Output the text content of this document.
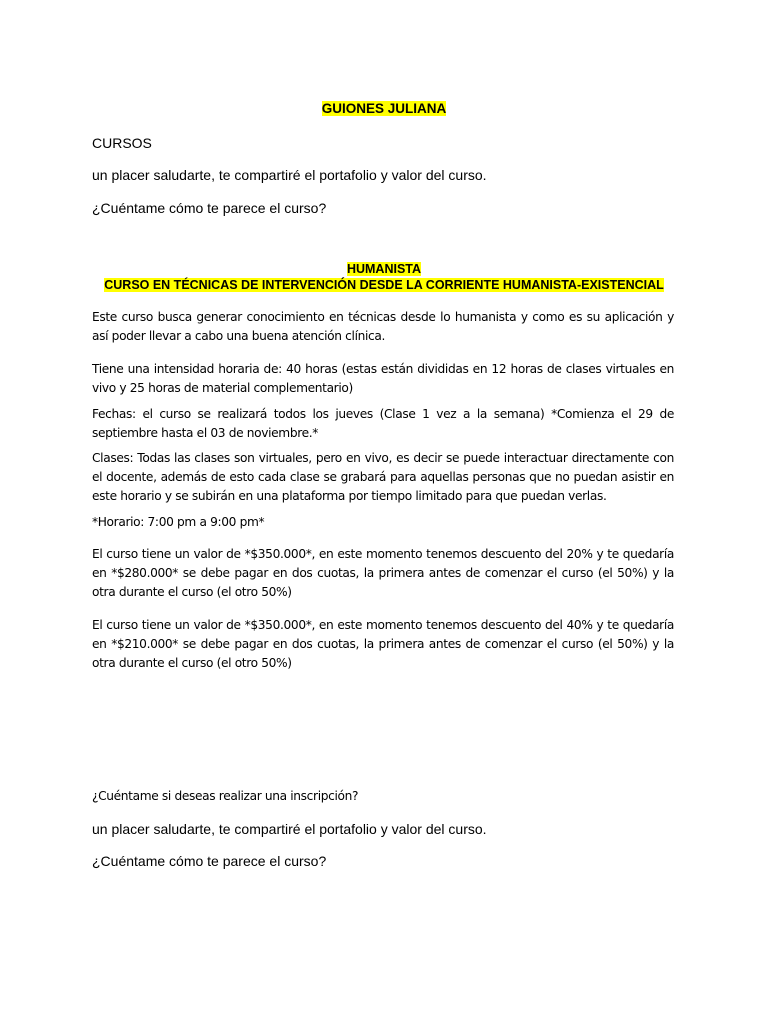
GUIONES JULIANA
CURSOS
un placer saludarte, te compartiré el portafolio y valor del curso.
¿Cuéntame cómo te parece el curso?
HUMANISTA
CURSO EN TÉCNICAS DE INTERVENCIÓN DESDE LA CORRIENTE HUMANISTA-EXISTENCIAL
Este curso busca generar conocimiento en técnicas desde lo humanista y como es su aplicación y así poder llevar a cabo una buena atención clínica.
Tiene una intensidad horaria de: 40 horas (estas están divididas en 12 horas de clases virtuales en vivo y 25 horas de material complementario)
Fechas: el curso se realizará todos los jueves (Clase 1 vez a la semana) *Comienza el 29 de septiembre hasta el 03 de noviembre.*
Clases: Todas las clases son virtuales, pero en vivo, es decir se puede interactuar directamente con el docente, además de esto cada clase se grabará para aquellas personas que no puedan asistir en este horario y se subirán en una plataforma por tiempo limitado para que puedan verlas.
*Horario: 7:00 pm a 9:00 pm*
El curso tiene un valor de *$350.000*, en este momento tenemos descuento del 20% y te quedaría en *$280.000* se debe pagar en dos cuotas, la primera antes de comenzar el curso (el 50%) y la otra durante el curso (el otro 50%)
El curso tiene un valor de *$350.000*, en este momento tenemos descuento del 40% y te quedaría en *$210.000* se debe pagar en dos cuotas, la primera antes de comenzar el curso (el 50%) y la otra durante el curso (el otro 50%)
¿Cuéntame si deseas realizar una inscripción?
un placer saludarte, te compartiré el portafolio y valor del curso.
¿Cuéntame cómo te parece el curso?
